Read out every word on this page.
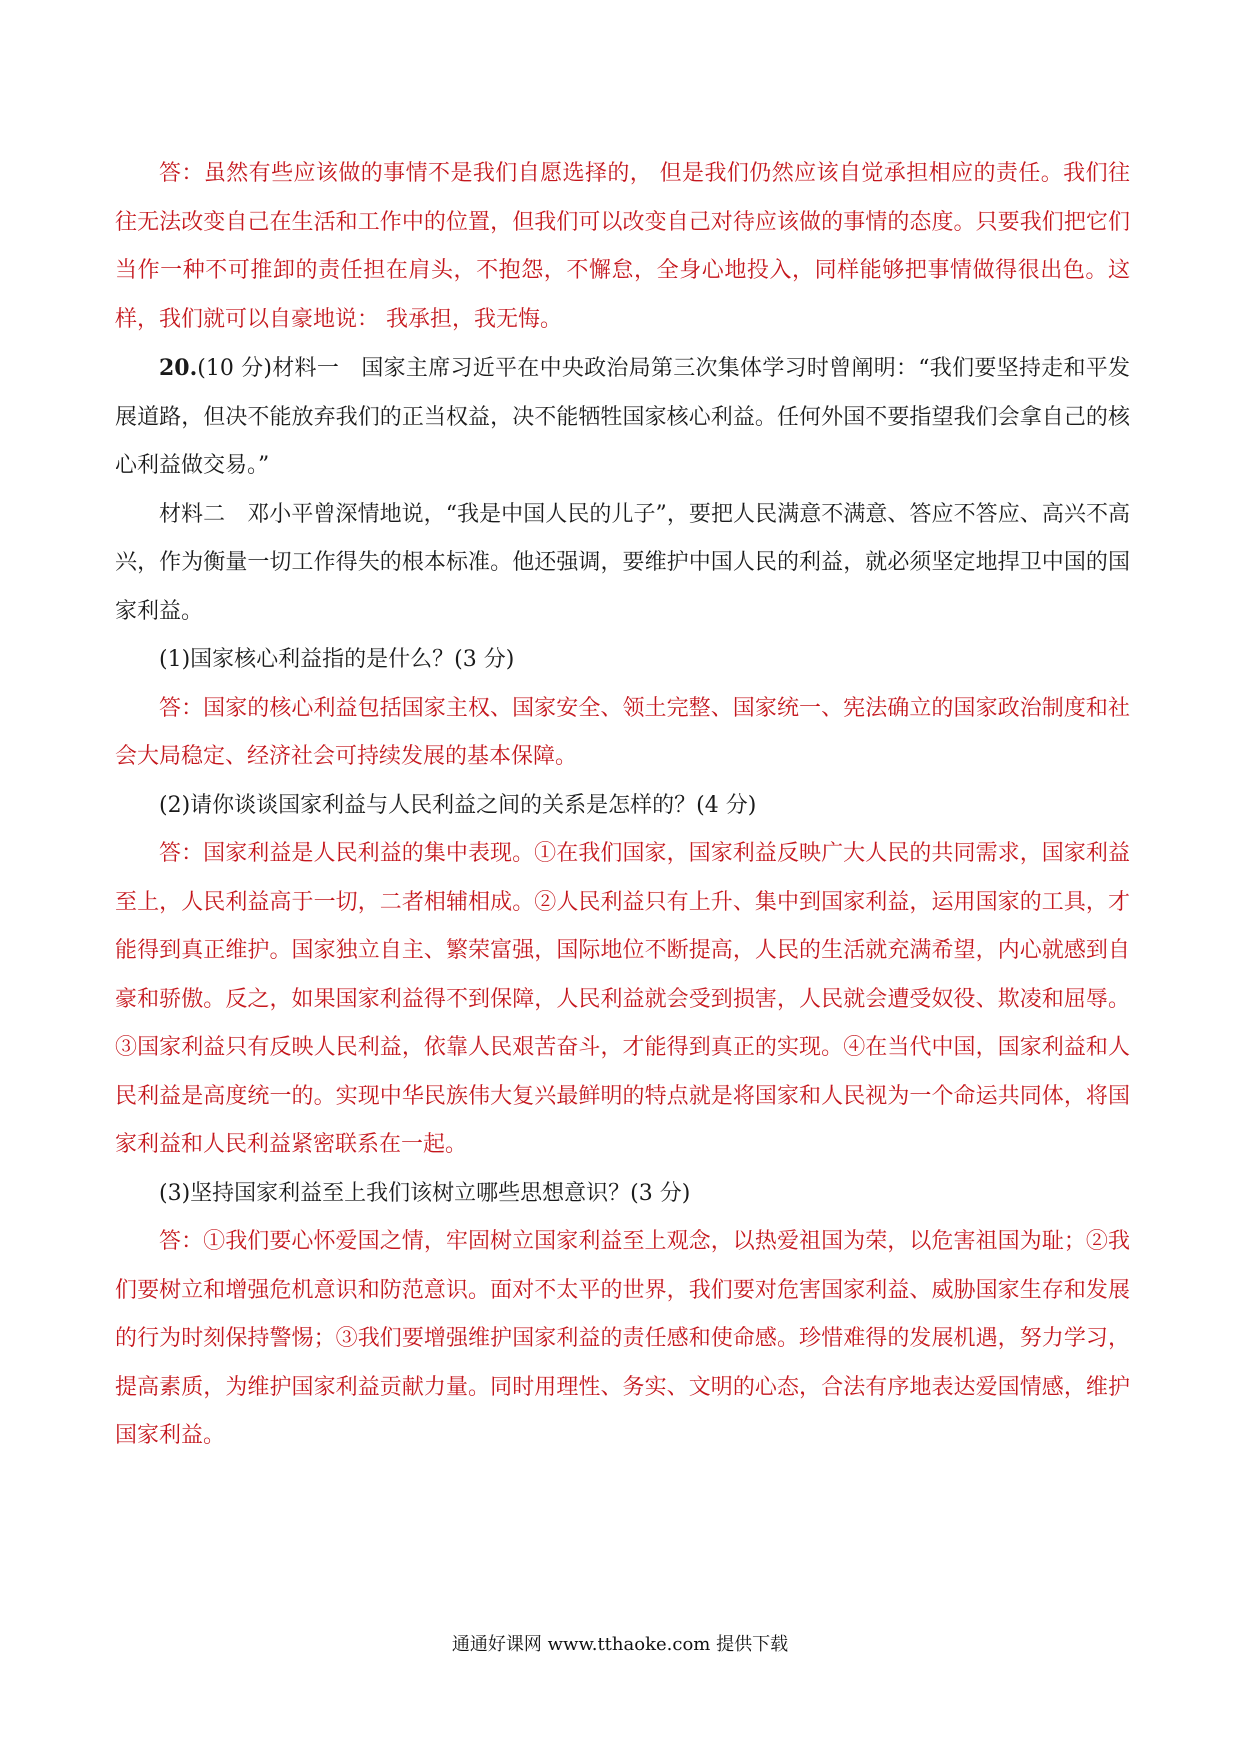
答：虽然有些应该做的事情不是我们自愿选择的， 但是我们仍然应该自觉承担相应的责任。我们往往无法改变自己在生活和工作中的位置，但我们可以改变自己对待应该做的事情的态度。只要我们把它们当作一种不可推卸的责任担在肩头，不抱怨，不懈怠，全身心地投入，同样能够把事情做得很出色。这样，我们就可以自豪地说： 我承担，我无悔。

20.(10 分)材料一　国家主席习近平在中央政治局第三次集体学习时曾阐明：“我们要坚持走和平发展道路，但决不能放弃我们的正当权益，决不能牺牲国家核心利益。任何外国不要指望我们会拿自己的核心利益做交易。”

材料二　邓小平曾深情地说，“我是中国人民的儿子”，要把人民满意不满意、答应不答应、高兴不高兴，作为衡量一切工作得失的根本标准。他还强调，要维护中国人民的利益，就必须坚定地捍卫中国的国家利益。

(1)国家核心利益指的是什么？(3 分)

答：国家的核心利益包括国家主权、国家安全、领土完整、国家统一、宪法确立的国家政治制度和社会大局稳定、经济社会可持续发展的基本保障。

(2)请你谈谈国家利益与人民利益之间的关系是怎样的？(4 分)

答：国家利益是人民利益的集中表现。①在我们国家，国家利益反映广大人民的共同需求，国家利益至上，人民利益高于一切，二者相辅相成。②人民利益只有上升、集中到国家利益，运用国家的工具，才能得到真正维护。国家独立自主、繁荣富强，国际地位不断提高，人民的生活就充满希望，内心就感到自豪和骄傲。反之，如果国家利益得不到保障，人民利益就会受到损害，人民就会遭受奴役、欺凌和屈辱。③国家利益只有反映人民利益，依靠人民艰苦奋斗，才能得到真正的实现。④在当代中国，国家利益和人民利益是高度统一的。实现中华民族伟大复兴最鲜明的特点就是将国家和人民视为一个命运共同体，将国家利益和人民利益紧密联系在一起。

(3)坚持国家利益至上我们该树立哪些思想意识？(3 分)

答：①我们要心怀爱国之情，牢固树立国家利益至上观念，以热爱祖国为荣，以危害祖国为耻；②我们要树立和增强危机意识和防范意识。面对不太平的世界，我们要对危害国家利益、威胁国家生存和发展的行为时刻保持警惕；③我们要增强维护国家利益的责任感和使命感。珍惜难得的发展机遇，努力学习，提高素质，为维护国家利益贡献力量。同时用理性、务实、文明的心态，合法有序地表达爱国情感，维护国家利益。

通通好课网 www.tthaoke.com 提供下载
